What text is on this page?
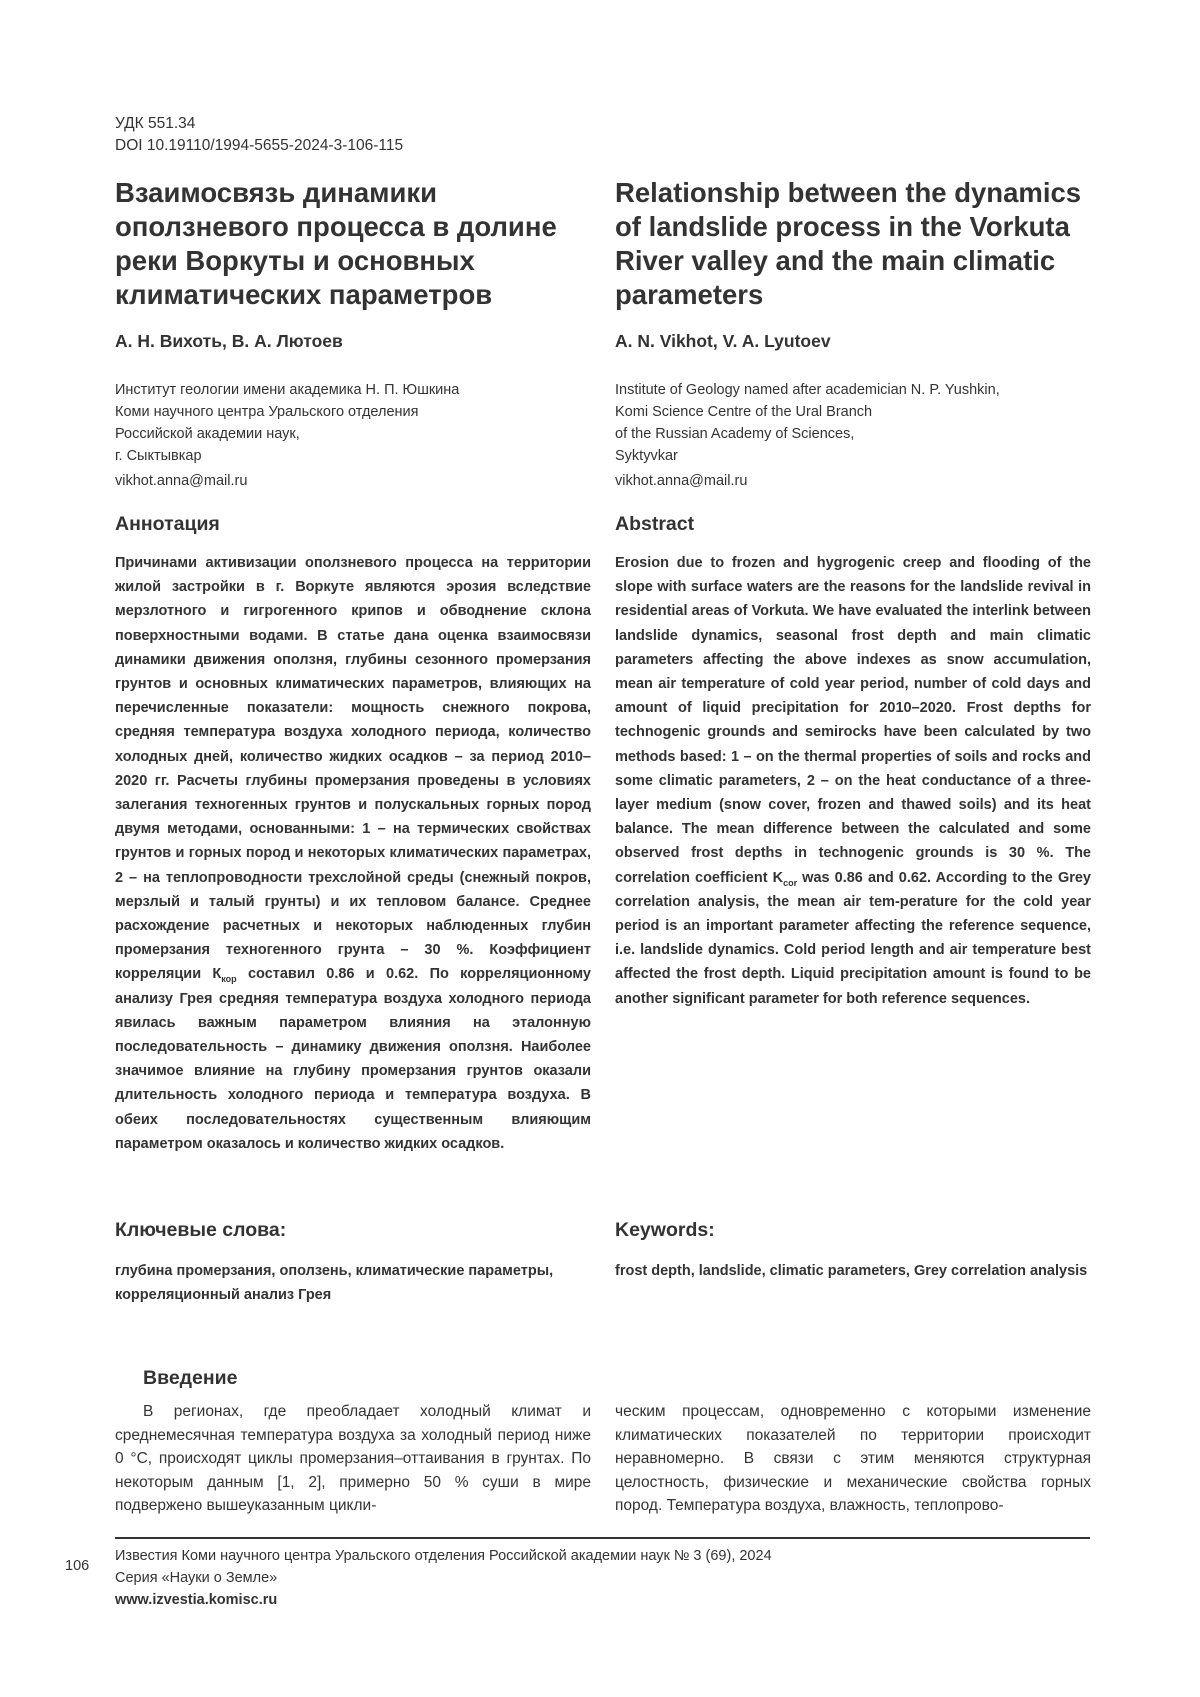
УДК 551.34
DOI 10.19110/1994-5655-2024-3-106-115
Взаимосвязь динамики оползневого процесса в долине реки Воркуты и основных климатических параметров
А. Н. Вихоть, В. А. Лютоев
Институт геологии имени академика Н. П. Юшкина
Коми научного центра Уральского отделения
Российской академии наук,
г. Сыктывкар
vikhot.anna@mail.ru
Аннотация
Причинами активизации оползневого процесса на территории жилой застройки в г. Воркуте являются эрозия вследствие мерзлотного и гигрогенного крипов и обводнение склона поверхностными водами. В статье дана оценка взаимосвязи динамики движения оползня, глубины сезонного промерзания грунтов и основных климатических параметров, влияющих на перечисленные показатели: мощность снежного покрова, средняя температура воздуха холодного периода, количество холодных дней, количество жидких осадков – за период 2010–2020 гг. Расчеты глубины промерзания проведены в условиях залегания техногенных грунтов и полускальных горных пород двумя методами, основанными: 1 – на термических свойствах грунтов и горных пород и некоторых климатических параметрах, 2 – на теплопроводности трехслойной среды (снежный покров, мерзлый и талый грунты) и их тепловом балансе. Среднее расхождение расчетных и некоторых наблюденных глубин промерзания техногенного грунта – 30 %. Коэффициент корреляции $К_{кор}$ составил 0.86 и 0.62. По корреляционному анализу Грея средняя температура воздуха холодного периода явилась важным параметром влияния на эталонную последовательность – динамику движения оползня. Наиболее значимое влияние на глубину промерзания грунтов оказали длительность холодного периода и температура воздуха. В обеих последовательностях существенным влияющим параметром оказалось и количество жидких осадков.
Ключевые слова:
глубина промерзания, оползень, климатические параметры, корреляционный анализ Грея
Relationship between the dynamics of landslide process in the Vorkuta River valley and the main climatic parameters
A. N. Vikhot, V. A. Lyutoev
Institute of Geology named after academician N. P. Yushkin,
Komi Science Centre of the Ural Branch
of the Russian Academy of Sciences,
Syktyvkar
vikhot.anna@mail.ru
Abstract
Erosion due to frozen and hygrogenic creep and flooding of the slope with surface waters are the reasons for the landslide revival in residential areas of Vorkuta. We have evaluated the interlink between landslide dynamics, seasonal frost depth and main climatic parameters affecting the above indexes as snow accumulation, mean air temperature of cold year period, number of cold days and amount of liquid precipitation for 2010–2020. Frost depths for technogenic grounds and semirocks have been calculated by two methods based: 1 – on the thermal properties of soils and rocks and some climatic parameters, 2 – on the heat conductance of a three-layer medium (snow cover, frozen and thawed soils) and its heat balance. The mean difference between the calculated and some observed frost depths in technogenic grounds is 30 %. The correlation coefficient $K_{cor}$ was 0.86 and 0.62. According to the Grey correlation analysis, the mean air tem-perature for the cold year period is an important parameter affecting the reference sequence, i.e. landslide dynamics. Cold period length and air temperature best affected the frost depth. Liquid precipitation amount is found to be another significant parameter for both reference sequences.
Keywords:
frost depth, landslide, climatic parameters, Grey correlation analysis
Введение
В регионах, где преобладает холодный климат и среднемесячная температура воздуха за холодный период ниже 0 °C, происходят циклы промерзания–оттаивания в грунтах. По некоторым данным [1, 2], примерно 50 % суши в мире подвержено вышеуказанным цикли-
ческим процессам, одновременно с которыми изменение климатических показателей по территории происходит неравномерно. В связи с этим меняются структурная целостность, физические и механические свойства горных пород. Температура воздуха, влажность, теплопрово-
106
Известия Коми научного центра Уральского отделения Российской академии наук № 3 (69), 2024
Серия «Науки о Земле»
www.izvestia.komisc.ru
